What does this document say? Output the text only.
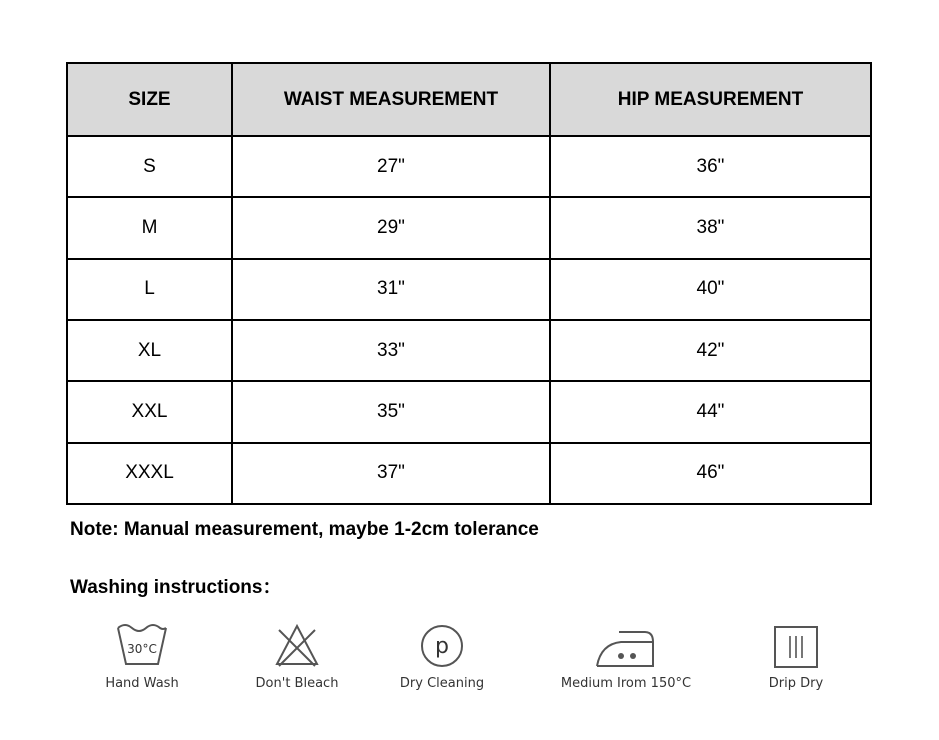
SIZE	WAIST MEASUREMENT	HIP MEASUREMENT
S	27"	36"
M	29"	38"
L	31"	40"
XL	33"	42"
XXL	35"	44"
XXXL	37"	46"
Note: Manual measurement, maybe 1-2cm tolerance
Washing instructions：
30°C
Hand Wash	Don't Bleach
p
Dry Cleaning	Medium Irom 150°C	Drip Dry
